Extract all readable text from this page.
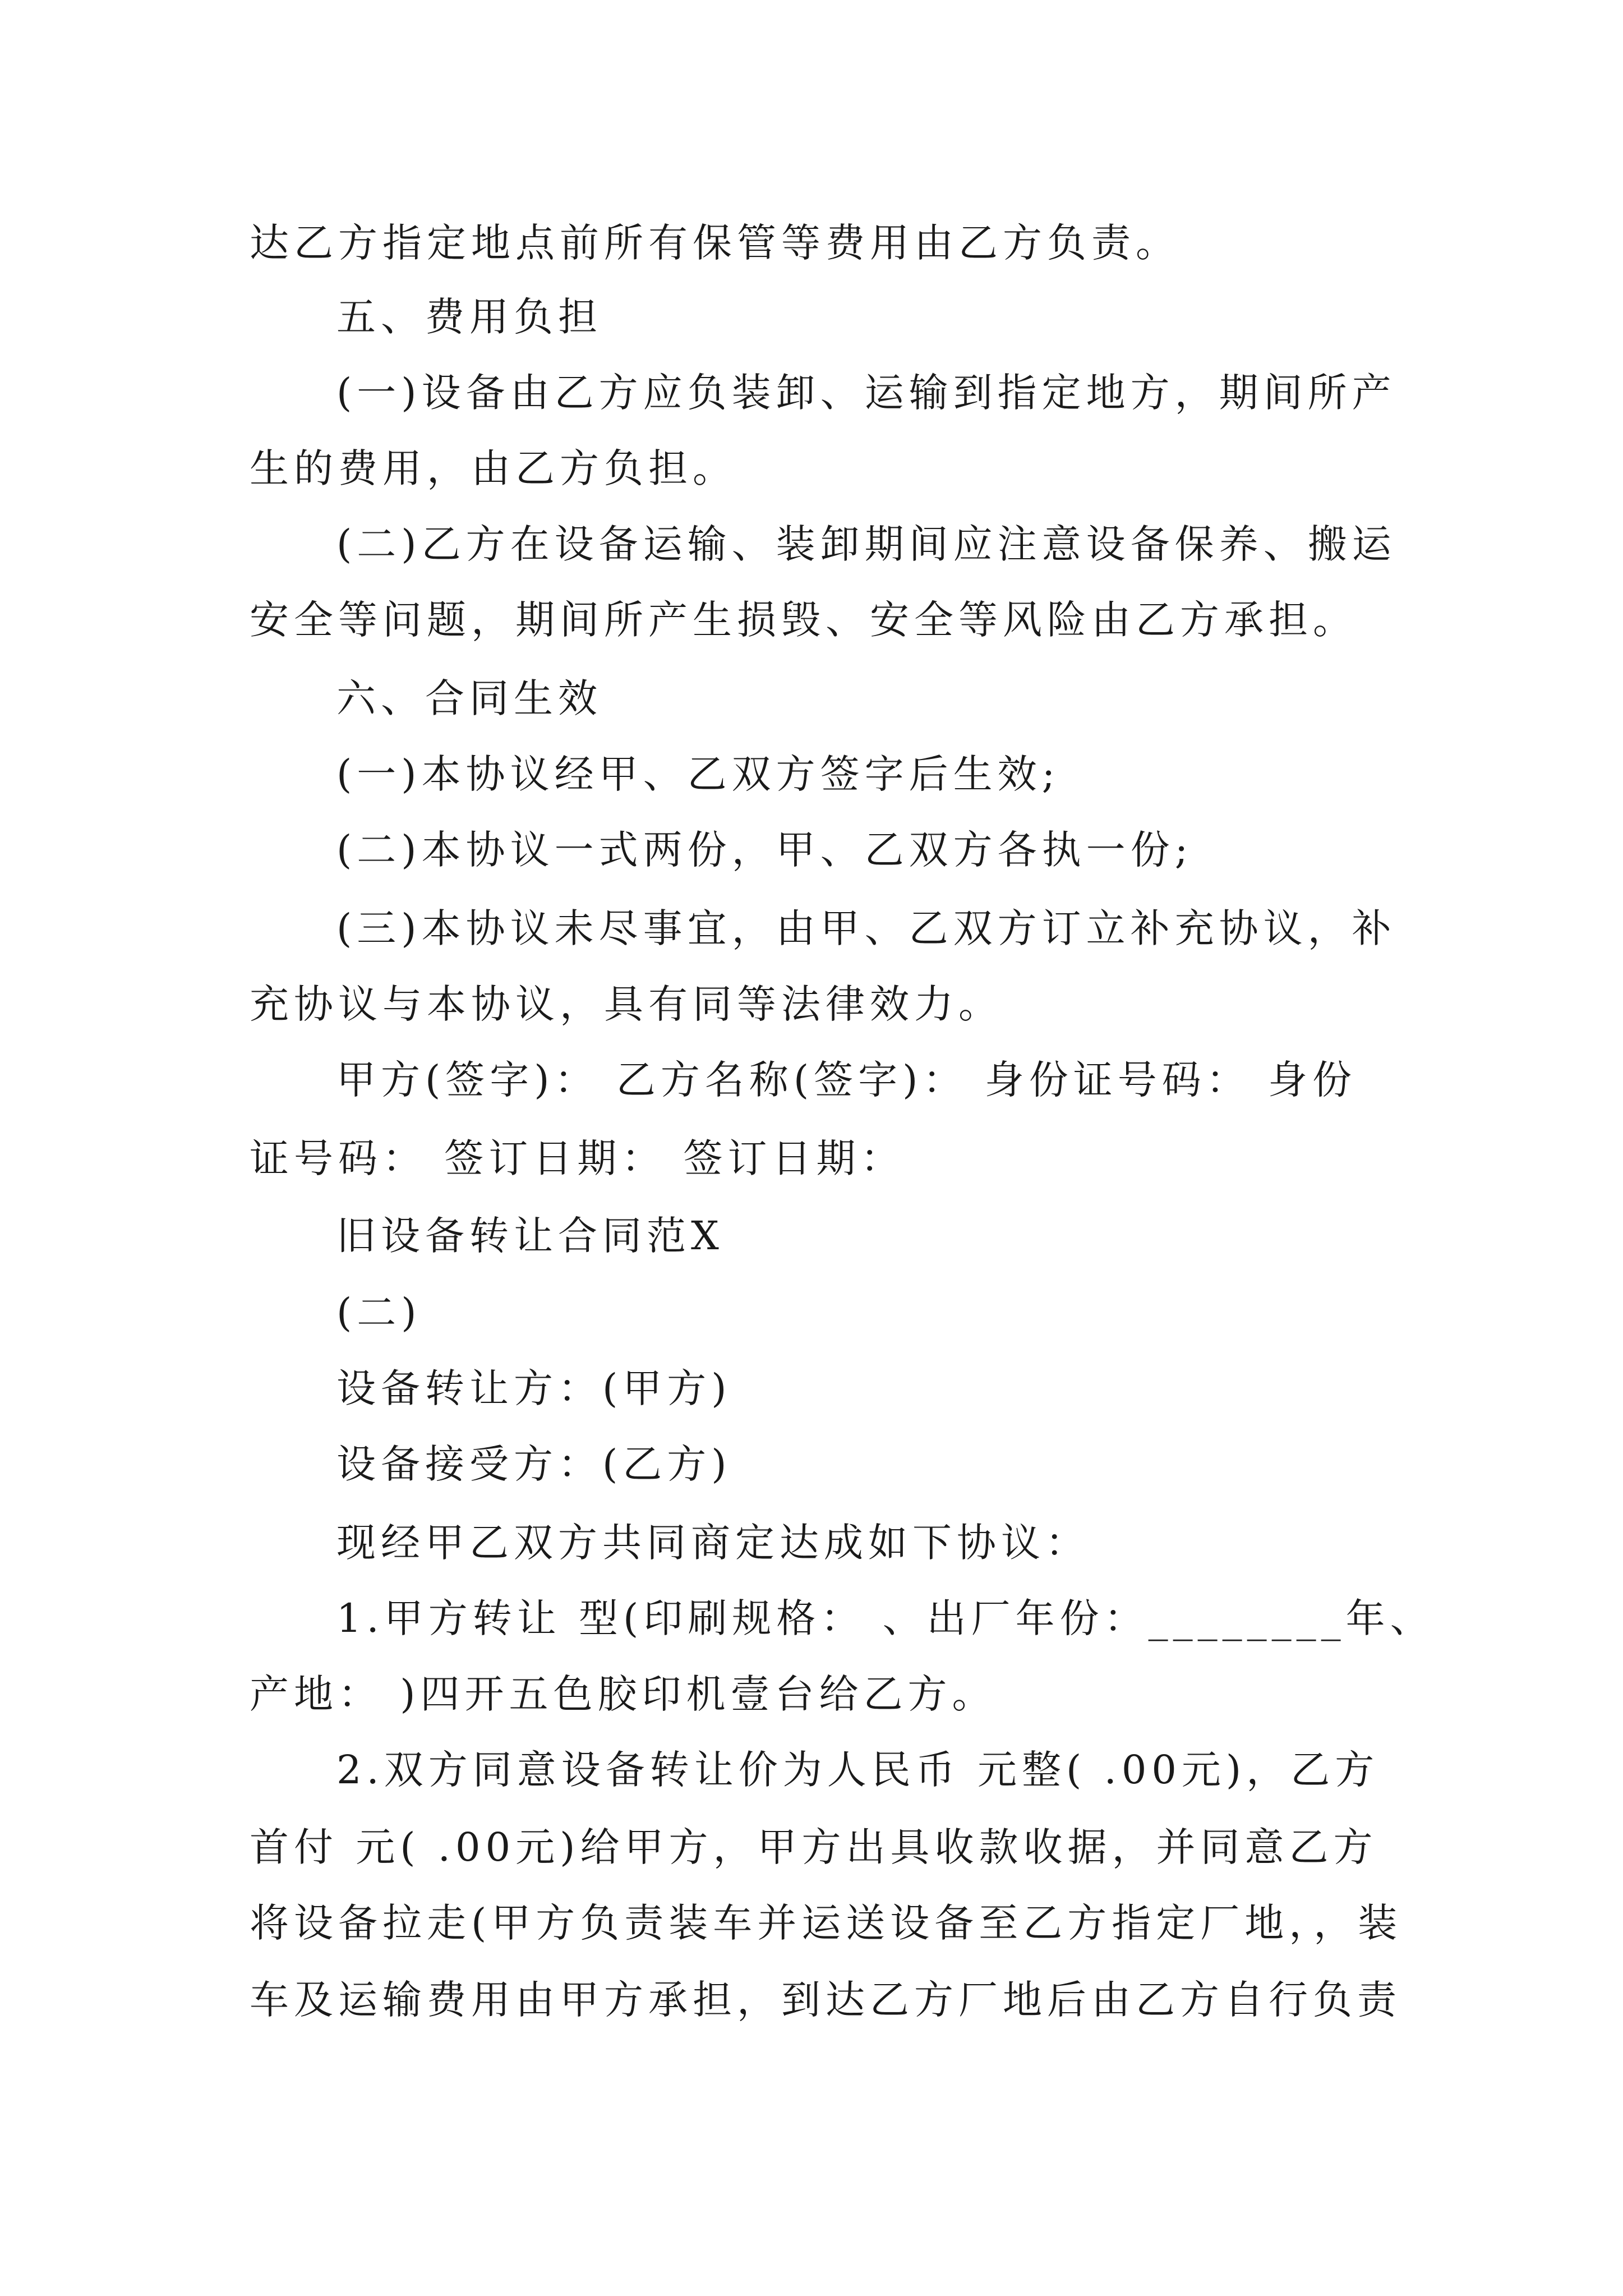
达乙方指定地点前所有保管等费用由乙方负责。
五、费用负担
(一)设备由乙方应负装卸、运输到指定地方，期间所产
生的费用，由乙方负担。
(二)乙方在设备运输、装卸期间应注意设备保养、搬运
安全等问题，期间所产生损毁、安全等风险由乙方承担。
六、合同生效
(一)本协议经甲、乙双方签字后生效;
(二)本协议一式两份，甲、乙双方各执一份;
(三)本协议未尽事宜，由甲、乙双方订立补充协议，补
充协议与本协议，具有同等法律效力。
甲方(签字)： 乙方名称(签字)： 身份证号码： 身份
证号码： 签订日期： 签订日期：
旧设备转让合同范X
(二)
设备转让方：(甲方)
设备接受方：(乙方)
现经甲乙双方共同商定达成如下协议：
1.甲方转让 型(印刷规格： 、出厂年份：________年、
产地： )四开五色胶印机壹台给乙方。
2.双方同意设备转让价为人民币 元整( .00元)，乙方
首付 元( .00元)给甲方，甲方出具收款收据，并同意乙方
将设备拉走(甲方负责装车并运送设备至乙方指定厂地，，装
车及运输费用由甲方承担，到达乙方厂地后由乙方自行负责
